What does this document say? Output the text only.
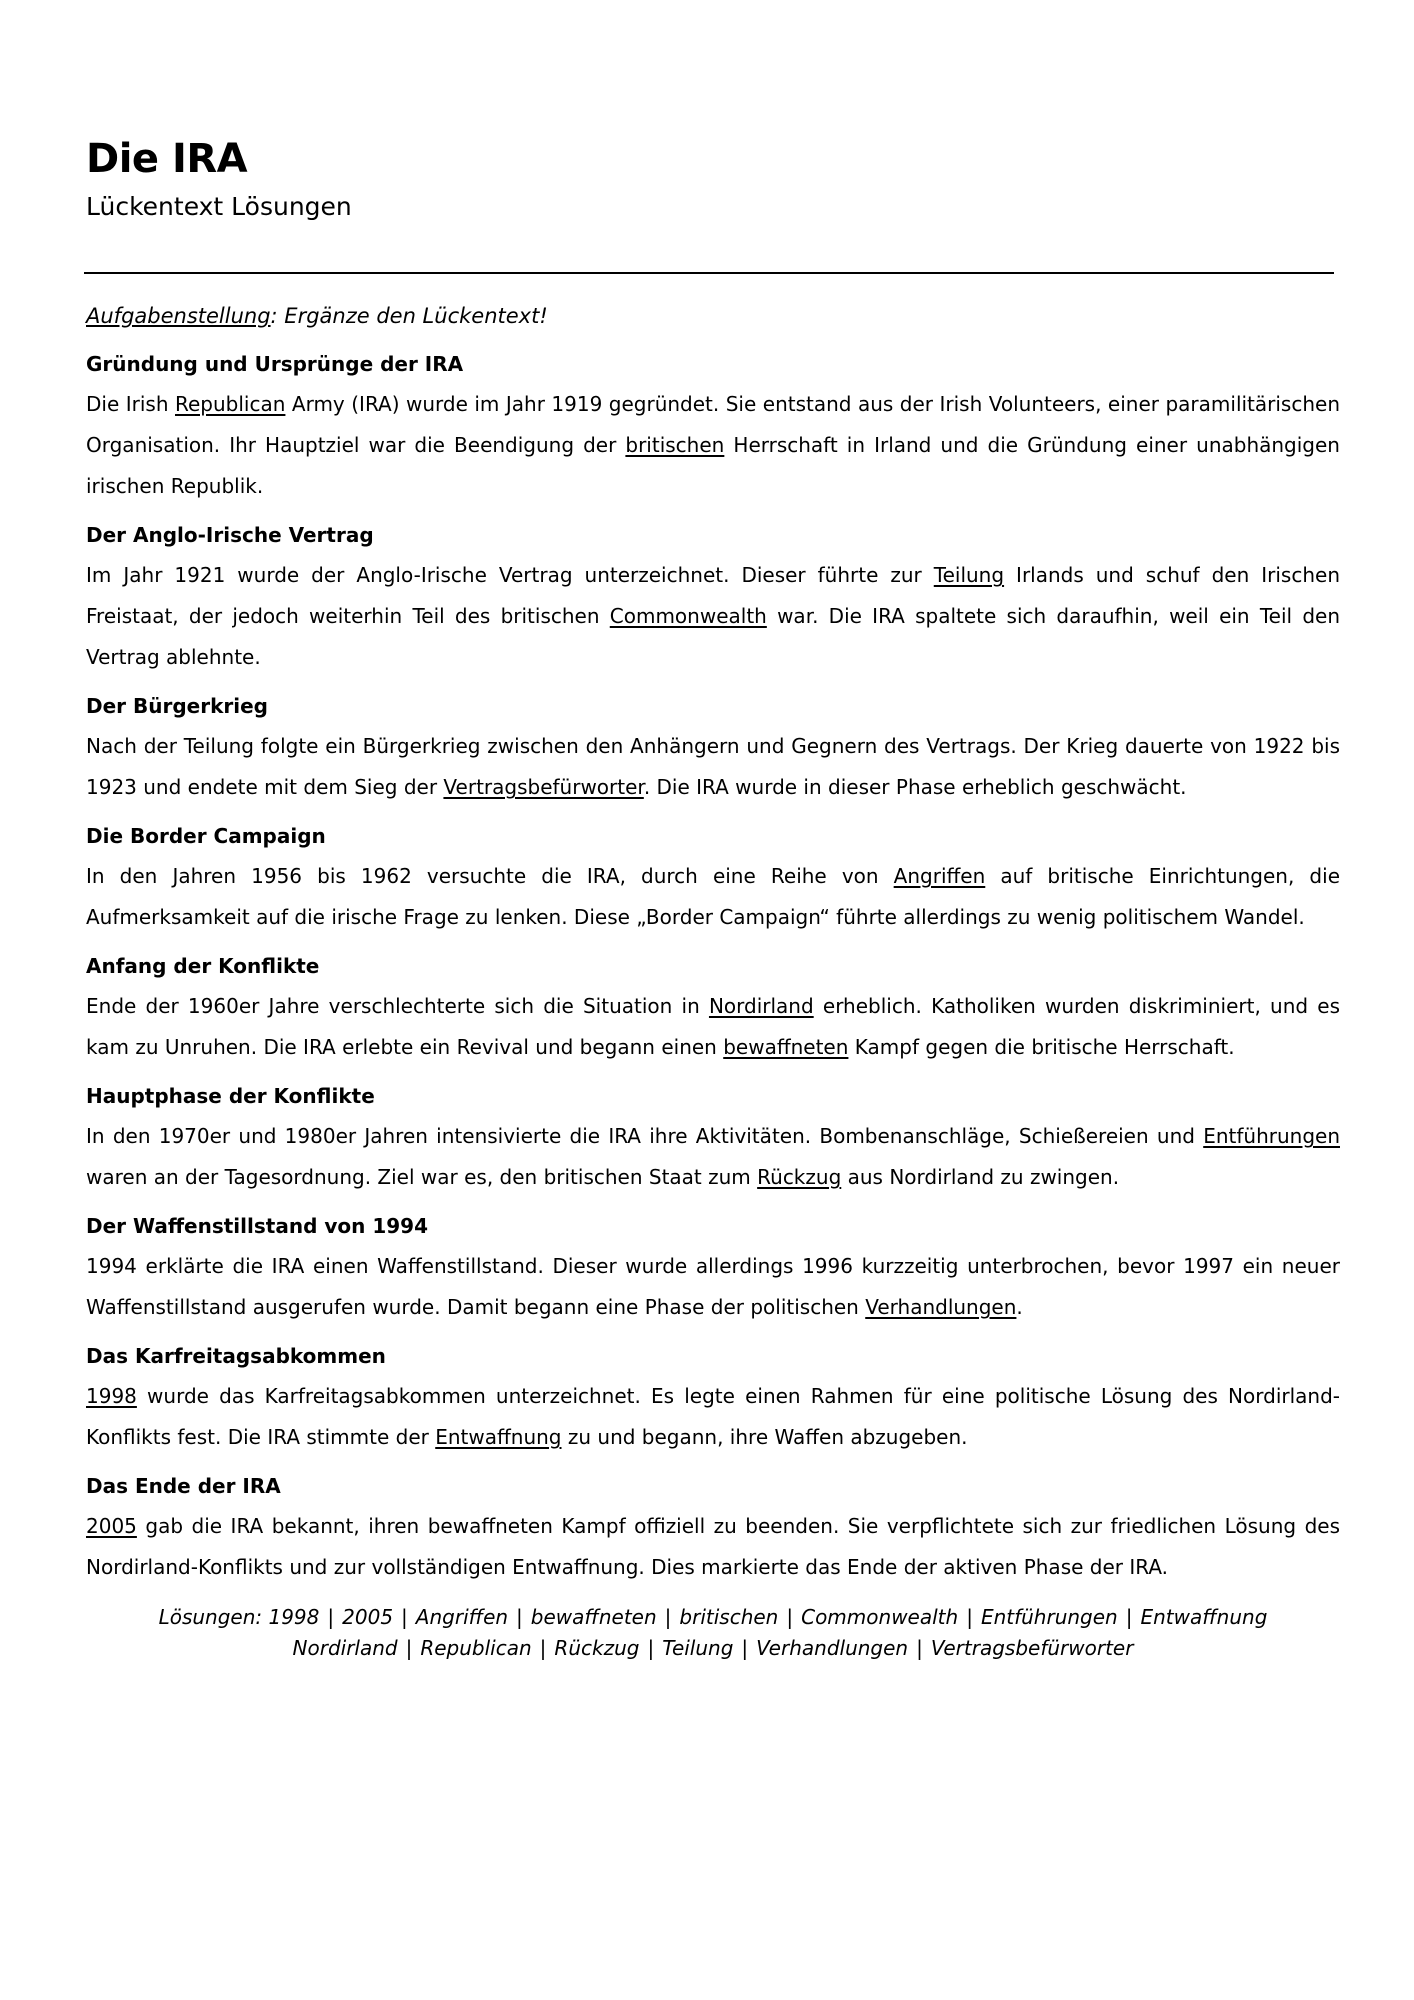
Die IRA
Lückentext Lösungen
Aufgabenstellung: Ergänze den Lückentext!
Gründung und Ursprünge der IRA

Die Irish Republican Army (IRA) wurde im Jahr 1919 gegründet. Sie entstand aus der Irish Volunteers, einer paramilitärischen Organisation. Ihr Hauptziel war die Beendigung der britischen Herrschaft in Irland und die Gründung einer unabhängigen irischen Republik.

Der Anglo-Irische Vertrag

Im Jahr 1921 wurde der Anglo-Irische Vertrag unterzeichnet. Dieser führte zur Teilung Irlands und schuf den Irischen Freistaat, der jedoch weiterhin Teil des britischen Commonwealth war. Die IRA spaltete sich daraufhin, weil ein Teil den Vertrag ablehnte.

Der Bürgerkrieg

Nach der Teilung folgte ein Bürgerkrieg zwischen den Anhängern und Gegnern des Vertrags. Der Krieg dauerte von 1922 bis 1923 und endete mit dem Sieg der Vertragsbefürworter. Die IRA wurde in dieser Phase erheblich geschwächt.

Die Border Campaign

In den Jahren 1956 bis 1962 versuchte die IRA, durch eine Reihe von Angriffen auf britische Einrichtungen, die Aufmerksamkeit auf die irische Frage zu lenken. Diese „Border Campaign“ führte allerdings zu wenig politischem Wandel.

Anfang der Konflikte

Ende der 1960er Jahre verschlechterte sich die Situation in Nordirland erheblich. Katholiken wurden diskriminiert, und es kam zu Unruhen. Die IRA erlebte ein Revival und begann einen bewaffneten Kampf gegen die britische Herrschaft.

Hauptphase der Konflikte

In den 1970er und 1980er Jahren intensivierte die IRA ihre Aktivitäten. Bombenanschläge, Schießereien und Entführungen waren an der Tagesordnung. Ziel war es, den britischen Staat zum Rückzug aus Nordirland zu zwingen.

Der Waffenstillstand von 1994

1994 erklärte die IRA einen Waffenstillstand. Dieser wurde allerdings 1996 kurzzeitig unterbrochen, bevor 1997 ein neuer Waffenstillstand ausgerufen wurde. Damit begann eine Phase der politischen Verhandlungen.

Das Karfreitagsabkommen

1998 wurde das Karfreitagsabkommen unterzeichnet. Es legte einen Rahmen für eine politische Lösung des Nordirland-Konflikts fest. Die IRA stimmte der Entwaffnung zu und begann, ihre Waffen abzugeben.

Das Ende der IRA

2005 gab die IRA bekannt, ihren bewaffneten Kampf offiziell zu beenden. Sie verpflichtete sich zur friedlichen Lösung des Nordirland-Konflikts und zur vollständigen Entwaffnung. Dies markierte das Ende der aktiven Phase der IRA.

Lösungen: 1998 | 2005 | Angriffen | bewaffneten | britischen | Commonwealth | Entführungen | Entwaffnung
Nordirland | Republican | Rückzug | Teilung | Verhandlungen | Vertragsbefürworter
